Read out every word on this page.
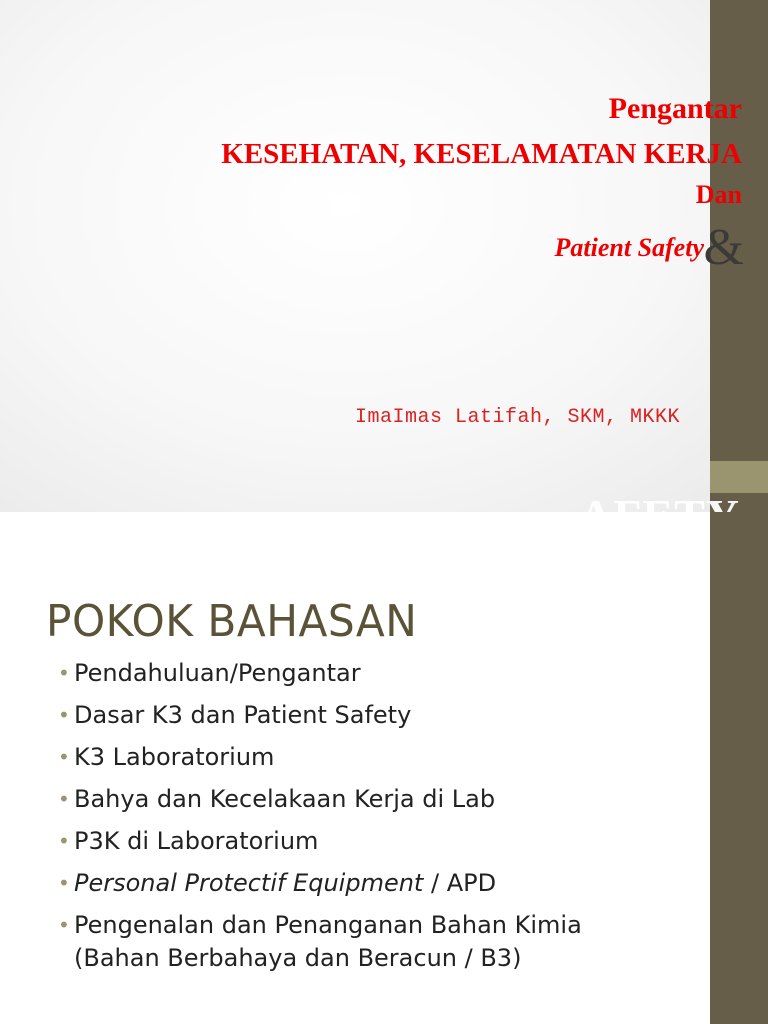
Pengantar
KESEHATAN, KESELAMATAN KERJA
Dan
Patient Safety &
ImaImas Latifah, SKM, MKKK
POKOK BAHASAN
• Pendahuluan/Pengantar
• Dasar K3 dan Patient Safety
• K3 Laboratorium
• Bahya dan Kecelakaan Kerja di Lab
• P3K di Laboratorium
• Personal Protectif Equipment / APD
• Pengenalan dan Penanganan Bahan Kimia
(Bahan Berbahaya dan Beracun / B3)
